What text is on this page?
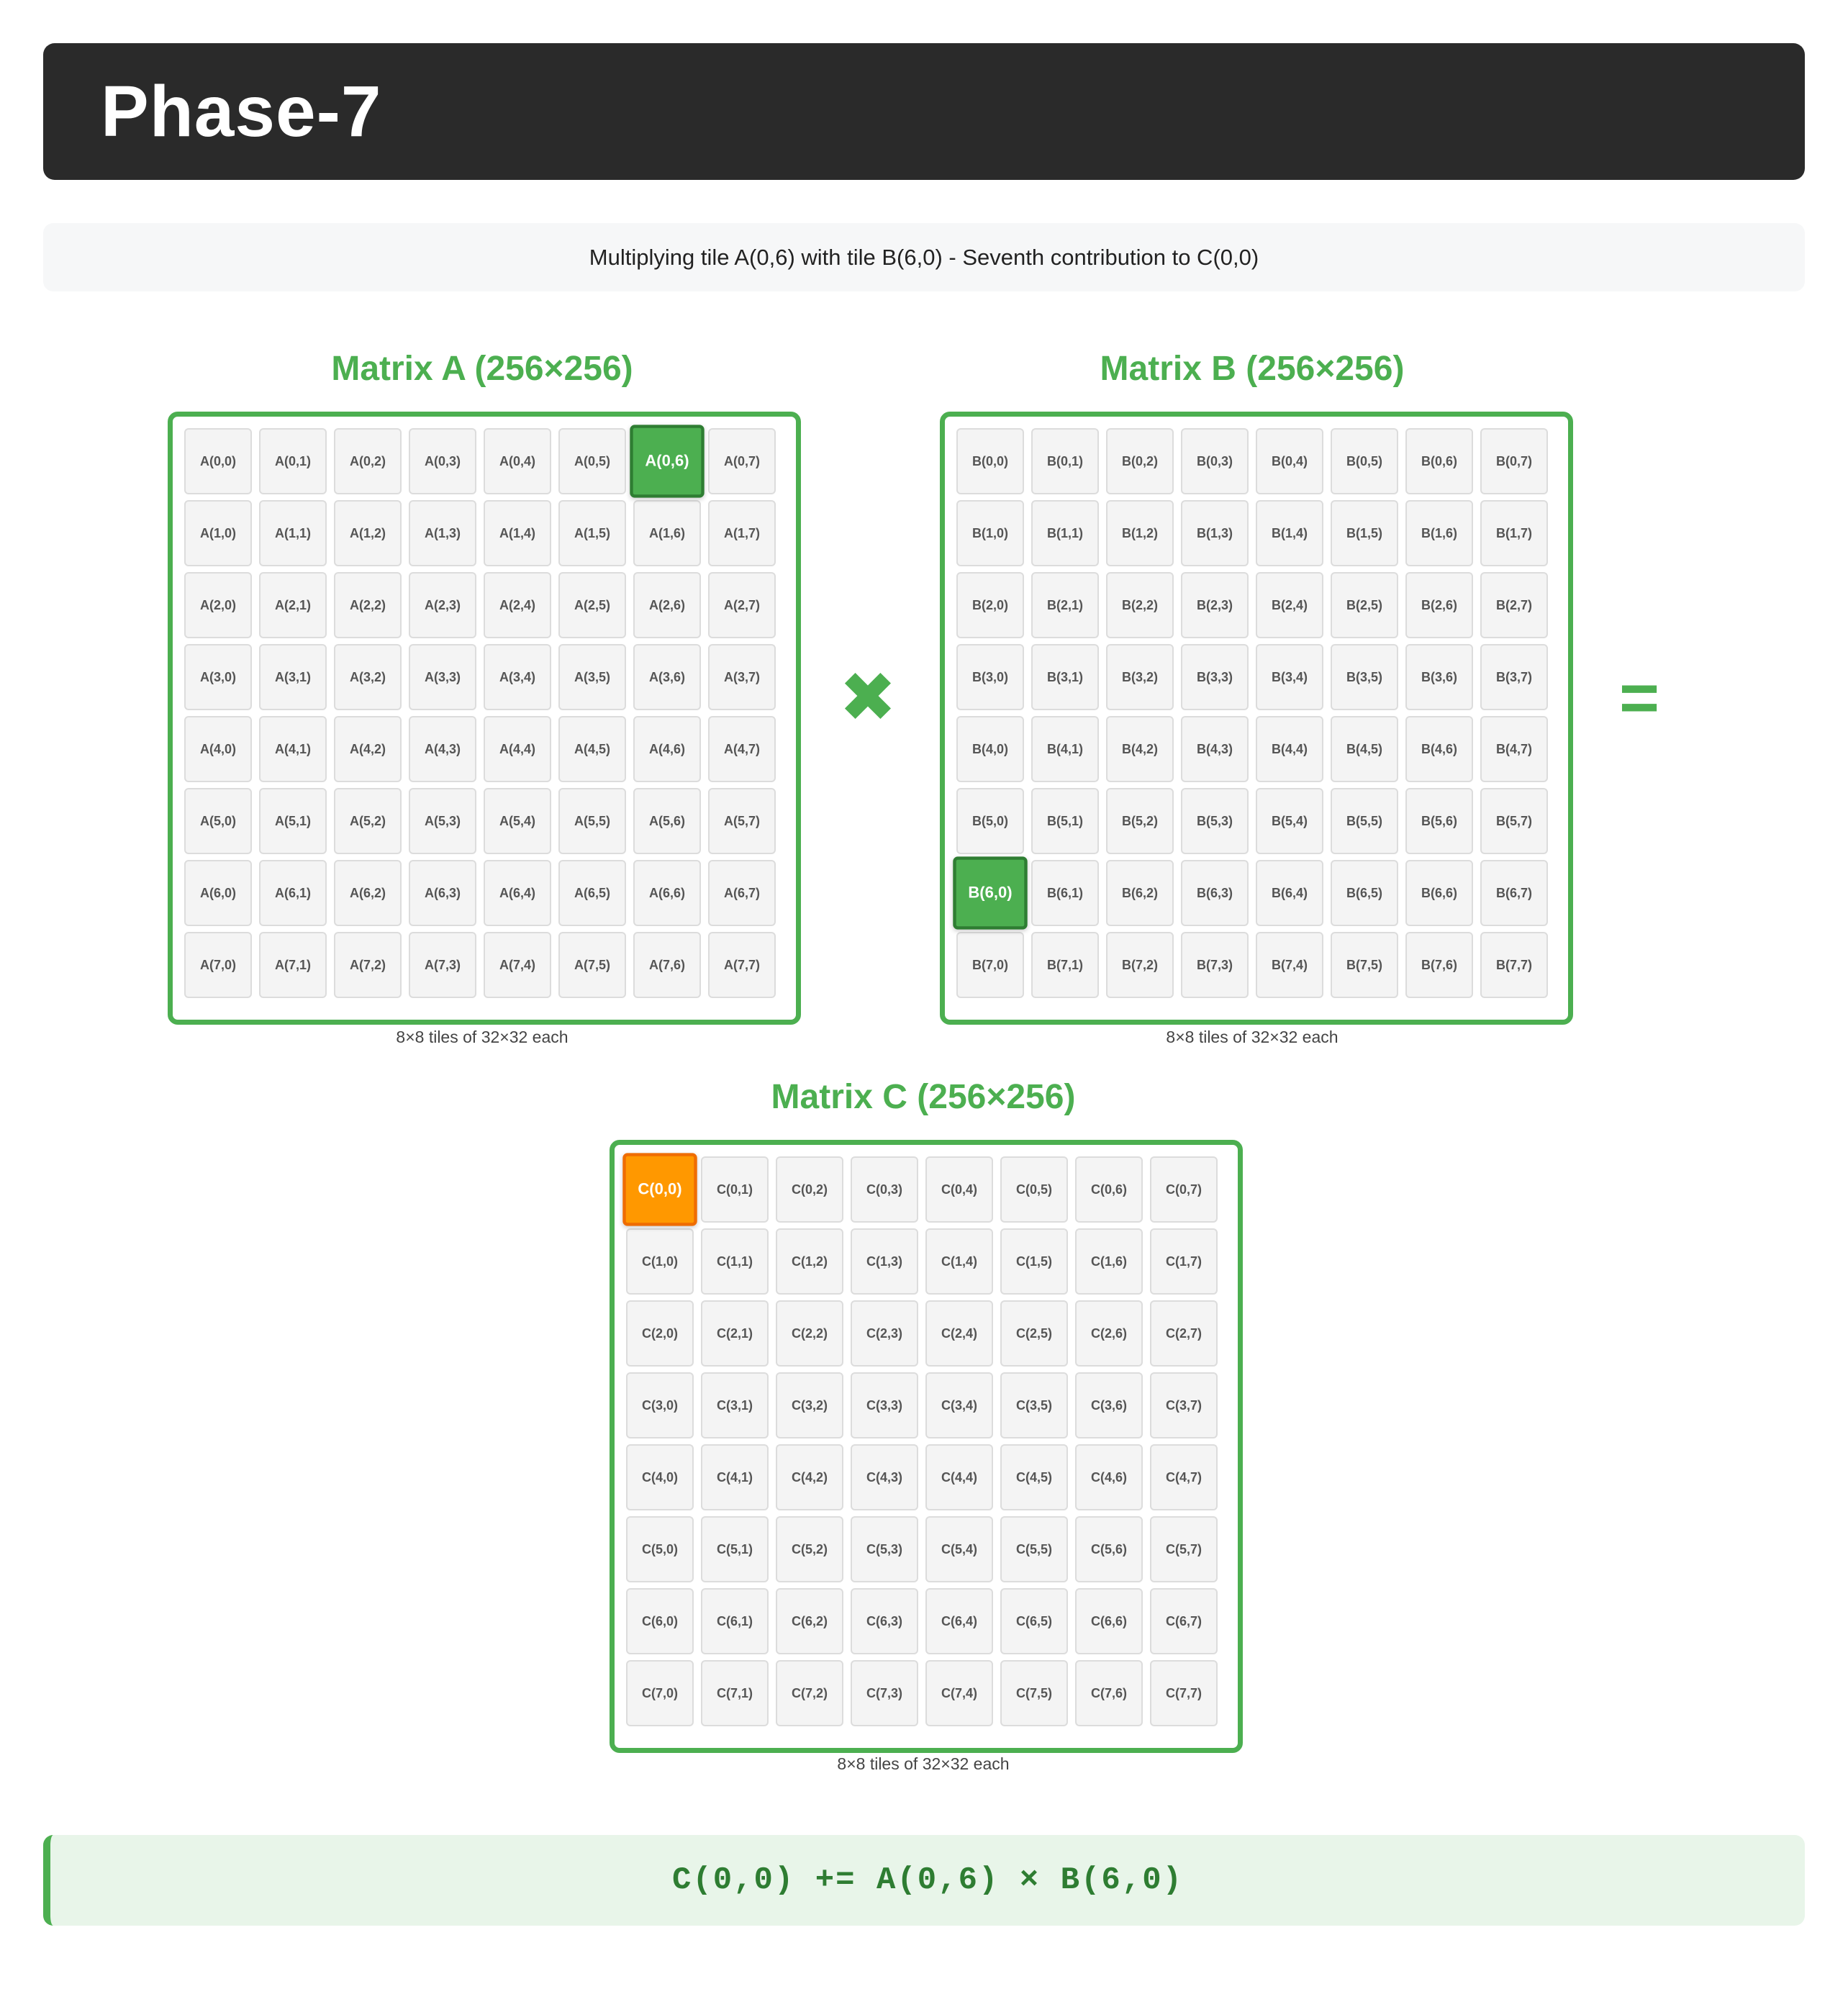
Phase-7
Multiplying tile A(0,6) with tile B(6,0) - Seventh contribution to C(0,0)
Matrix A (256×256)
A(0,0)	A(0,1)	A(0,2)	A(0,3)	A(0,4)	A(0,5)	A(0,6)	A(0,7)
A(1,0)	A(1,1)	A(1,2)	A(1,3)	A(1,4)	A(1,5)	A(1,6)	A(1,7)
A(2,0)	A(2,1)	A(2,2)	A(2,3)	A(2,4)	A(2,5)	A(2,6)	A(2,7)
A(3,0)	A(3,1)	A(3,2)	A(3,3)	A(3,4)	A(3,5)	A(3,6)	A(3,7)
A(4,0)	A(4,1)	A(4,2)	A(4,3)	A(4,4)	A(4,5)	A(4,6)	A(4,7)
A(5,0)	A(5,1)	A(5,2)	A(5,3)	A(5,4)	A(5,5)	A(5,6)	A(5,7)
A(6,0)	A(6,1)	A(6,2)	A(6,3)	A(6,4)	A(6,5)	A(6,6)	A(6,7)
A(7,0)	A(7,1)	A(7,2)	A(7,3)	A(7,4)	A(7,5)	A(7,6)	A(7,7)
8×8 tiles of 32×32 each
✖
Matrix B (256×256)
B(0,0)	B(0,1)	B(0,2)	B(0,3)	B(0,4)	B(0,5)	B(0,6)	B(0,7)
B(1,0)	B(1,1)	B(1,2)	B(1,3)	B(1,4)	B(1,5)	B(1,6)	B(1,7)
B(2,0)	B(2,1)	B(2,2)	B(2,3)	B(2,4)	B(2,5)	B(2,6)	B(2,7)
B(3,0)	B(3,1)	B(3,2)	B(3,3)	B(3,4)	B(3,5)	B(3,6)	B(3,7)
B(4,0)	B(4,1)	B(4,2)	B(4,3)	B(4,4)	B(4,5)	B(4,6)	B(4,7)
B(5,0)	B(5,1)	B(5,2)	B(5,3)	B(5,4)	B(5,5)	B(5,6)	B(5,7)
B(6,0)	B(6,1)	B(6,2)	B(6,3)	B(6,4)	B(6,5)	B(6,6)	B(6,7)
B(7,0)	B(7,1)	B(7,2)	B(7,3)	B(7,4)	B(7,5)	B(7,6)	B(7,7)
8×8 tiles of 32×32 each
=
Matrix C (256×256)
C(0,0)	C(0,1)	C(0,2)	C(0,3)	C(0,4)	C(0,5)	C(0,6)	C(0,7)
C(1,0)	C(1,1)	C(1,2)	C(1,3)	C(1,4)	C(1,5)	C(1,6)	C(1,7)
C(2,0)	C(2,1)	C(2,2)	C(2,3)	C(2,4)	C(2,5)	C(2,6)	C(2,7)
C(3,0)	C(3,1)	C(3,2)	C(3,3)	C(3,4)	C(3,5)	C(3,6)	C(3,7)
C(4,0)	C(4,1)	C(4,2)	C(4,3)	C(4,4)	C(4,5)	C(4,6)	C(4,7)
C(5,0)	C(5,1)	C(5,2)	C(5,3)	C(5,4)	C(5,5)	C(5,6)	C(5,7)
C(6,0)	C(6,1)	C(6,2)	C(6,3)	C(6,4)	C(6,5)	C(6,6)	C(6,7)
C(7,0)	C(7,1)	C(7,2)	C(7,3)	C(7,4)	C(7,5)	C(7,6)	C(7,7)
8×8 tiles of 32×32 each
C(0,0) += A(0,6) × B(6,0)
